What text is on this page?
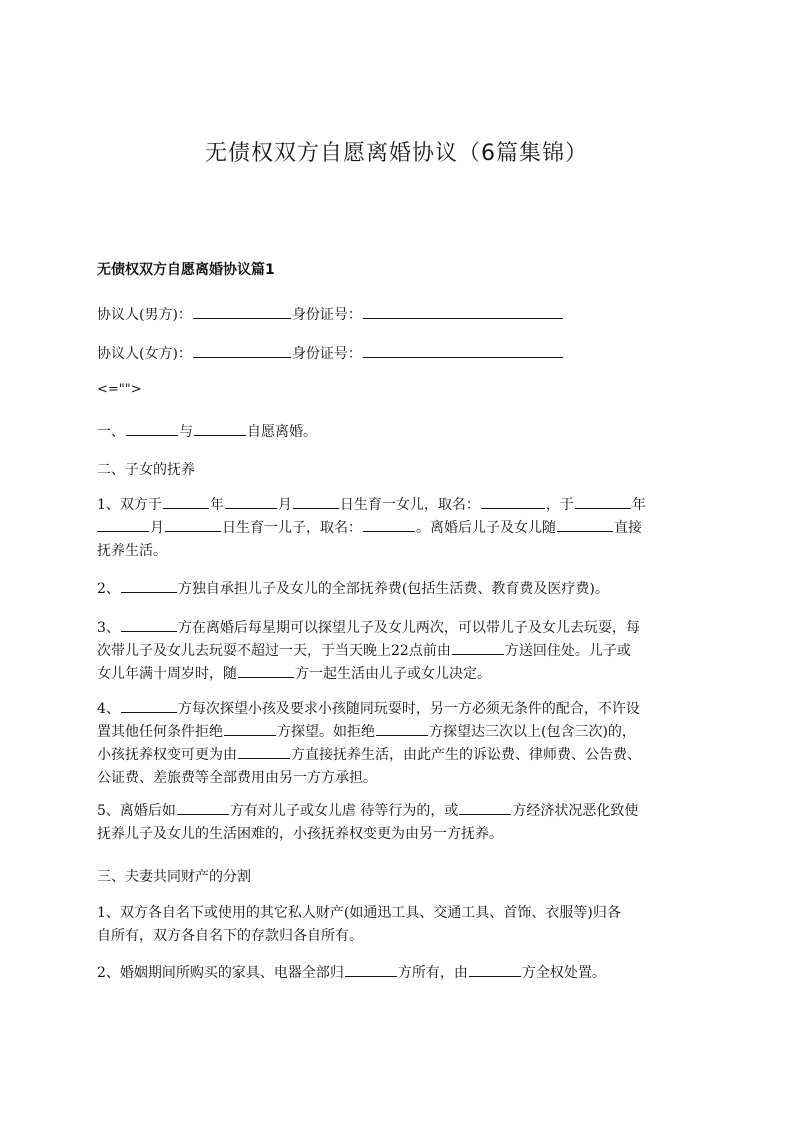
无债权双方自愿离婚协议（6篇集锦）
无债权双方自愿离婚协议篇1
协议人(男方)：	身份证号：
协议人(女方)：	身份证号：
<="">
一、	与	自愿离婚。
二、子女的抚养
1、双方于	年	月	日生育一女儿，取名：	，于	年
月	日生育一儿子，取名：	。离婚后儿子及女儿随	直接
抚养生活。
2、	方独自承担儿子及女儿的全部抚养费(包括生活费、教育费及医疗费)。
3、	方在离婚后每星期可以探望儿子及女儿两次，可以带儿子及女儿去玩耍，每
次带儿子及女儿去玩耍不超过一天，于当天晚上22点前由	方送回住处。儿子或
女儿年满十周岁时，随	方一起生活由儿子或女儿决定。
4、	方每次探望小孩及要求小孩随同玩耍时，另一方必须无条件的配合，不许设
置其他任何条件拒绝	方探望。如拒绝	方探望达三次以上(包含三次)的，
小孩抚养权变可更为由	方直接抚养生活，由此产生的诉讼费、律师费、公告费、
公证费、差旅费等全部费用由另一方方承担。
5、离婚后如	方有对儿子或女儿虐 待等行为的，或	方经济状况恶化致使
抚养儿子及女儿的生活困难的，小孩抚养权变更为由另一方抚养。
三、夫妻共同财产的分割
1、双方各自名下或使用的其它私人财产(如通迅工具、交通工具、首饰、衣服等)归各
自所有，双方各自名下的存款归各自所有。
2、婚姻期间所购买的家具、电器全部归	方所有，由	方全权处置。
